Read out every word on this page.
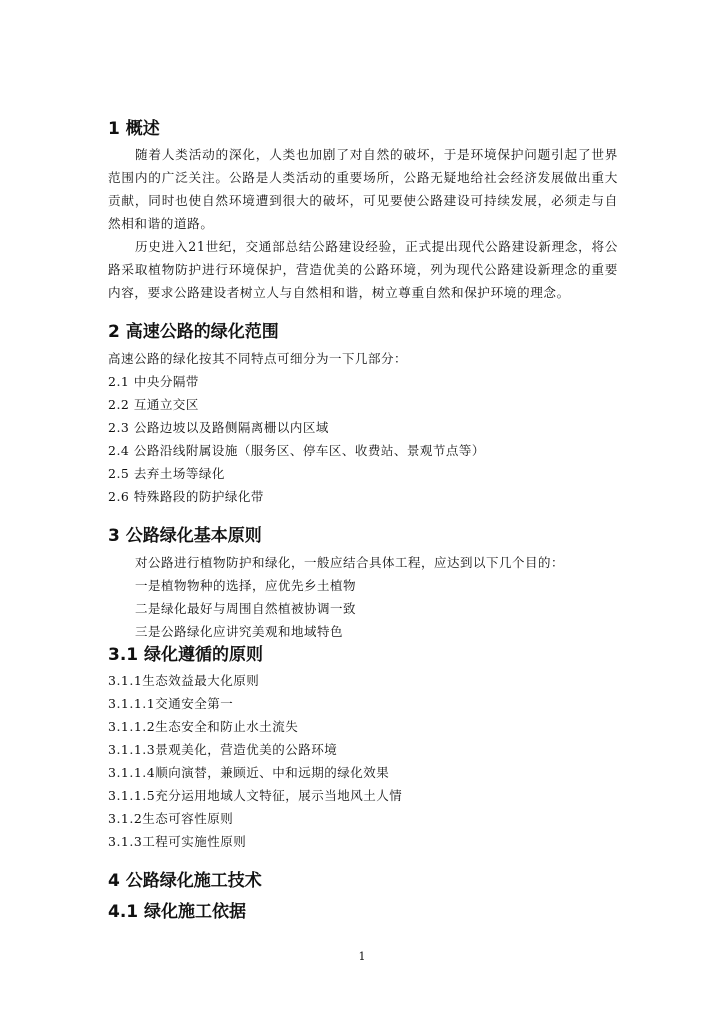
1 概述

随着人类活动的深化，人类也加剧了对自然的破坏，于是环境保护问题引起了世界范围内的广泛关注。公路是人类活动的重要场所，公路无疑地给社会经济发展做出重大贡献，同时也使自然环境遭到很大的破坏，可见要使公路建设可持续发展，必须走与自然相和谐的道路。

历史进入21世纪，交通部总结公路建设经验，正式提出现代公路建设新理念，将公路采取植物防护进行环境保护，营造优美的公路环境，列为现代公路建设新理念的重要内容，要求公路建设者树立人与自然相和谐，树立尊重自然和保护环境的理念。

2 高速公路的绿化范围

高速公路的绿化按其不同特点可细分为一下几部分：

2.1 中央分隔带

2.2 互通立交区

2.3 公路边坡以及路侧隔离栅以内区域

2.4 公路沿线附属设施（服务区、停车区、收费站、景观节点等）

2.5 去弃土场等绿化

2.6 特殊路段的防护绿化带

3 公路绿化基本原则

对公路进行植物防护和绿化，一般应结合具体工程，应达到以下几个目的：

一是植物物种的选择，应优先乡土植物

二是绿化最好与周围自然植被协调一致

三是公路绿化应讲究美观和地域特色

3.1 绿化遵循的原则

3.1.1生态效益最大化原则

3.1.1.1交通安全第一

3.1.1.2生态安全和防止水土流失

3.1.1.3景观美化，营造优美的公路环境

3.1.1.4顺向演替，兼顾近、中和远期的绿化效果

3.1.1.5充分运用地域人文特征，展示当地风土人情

3.1.2生态可容性原则

3.1.3工程可实施性原则

4 公路绿化施工技术
4.1 绿化施工依据
1
